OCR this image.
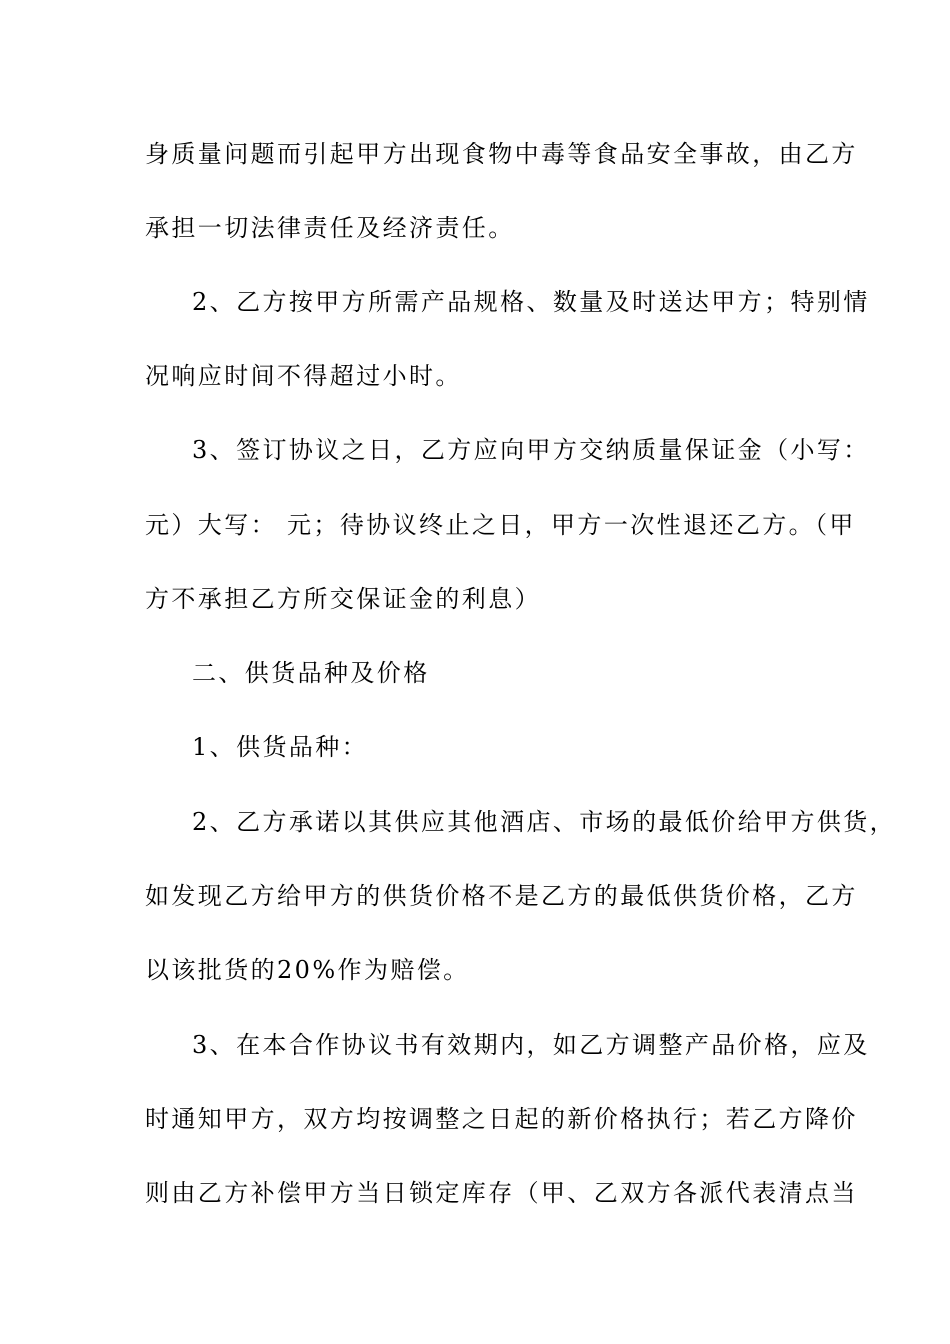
身质量问题而引起甲方出现食物中毒等食品安全事故，由乙方
承担一切法律责任及经济责任。
2、乙方按甲方所需产品规格、数量及时送达甲方；特别情
况响应时间不得超过小时。
3、签订协议之日，乙方应向甲方交纳质量保证金（小写：
元）大写： 元；待协议终止之日，甲方一次性退还乙方。（甲
方不承担乙方所交保证金的利息）
二、供货品种及价格
1、供货品种：
2、乙方承诺以其供应其他酒店、市场的最低价给甲方供货，
如发现乙方给甲方的供货价格不是乙方的最低供货价格，乙方
以该批货的20%作为赔偿。
3、在本合作协议书有效期内，如乙方调整产品价格，应及
时通知甲方，双方均按调整之日起的新价格执行；若乙方降价
则由乙方补偿甲方当日锁定库存（甲、乙双方各派代表清点当
